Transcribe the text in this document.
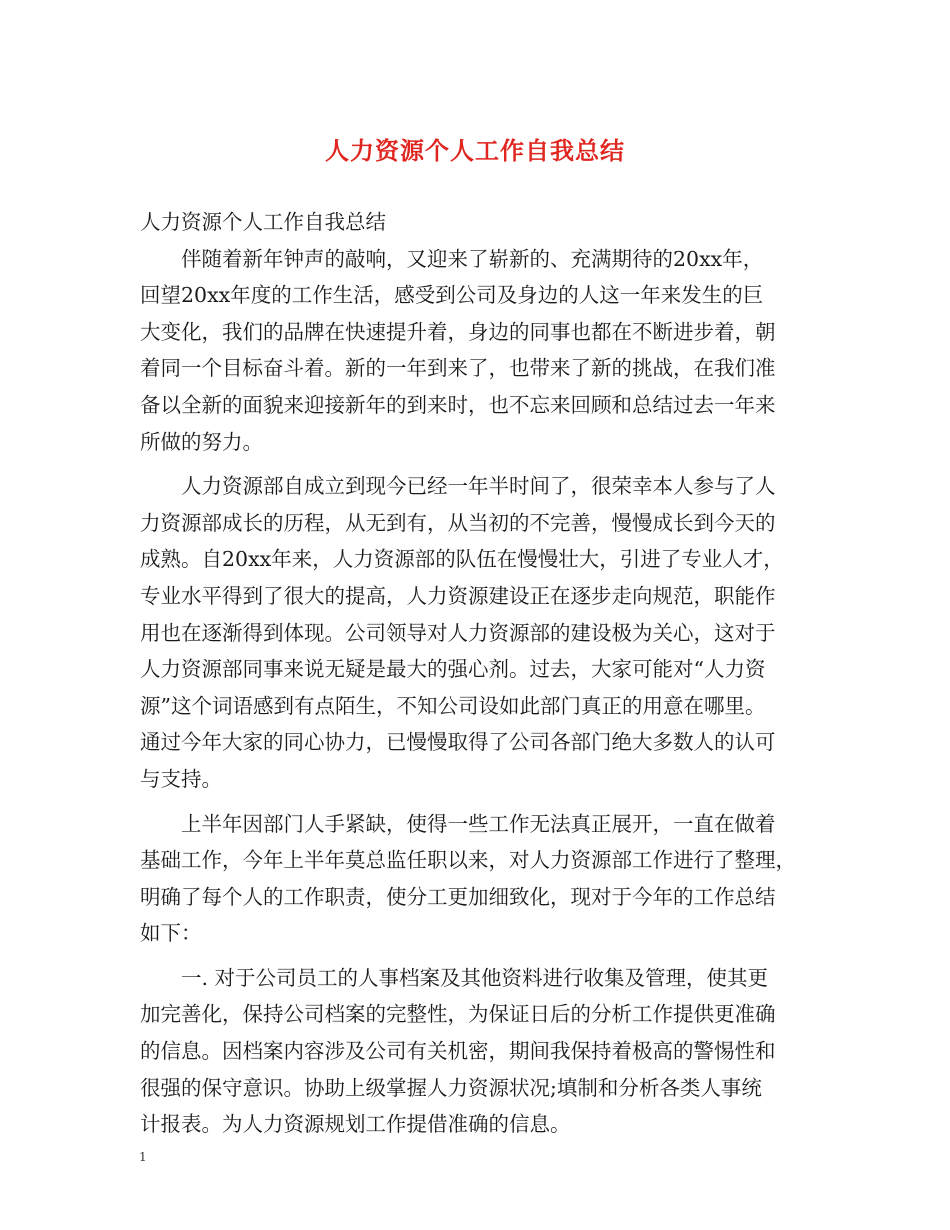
人力资源个人工作自我总结
人力资源个人工作自我总结
伴随着新年钟声的敲响，又迎来了崭新的、充满期待的20xx年，
回望20xx年度的工作生活，感受到公司及身边的人这一年来发生的巨
大变化，我们的品牌在快速提升着，身边的同事也都在不断进步着，朝
着同一个目标奋斗着。新的一年到来了，也带来了新的挑战，在我们准
备以全新的面貌来迎接新年的到来时，也不忘来回顾和总结过去一年来
所做的努力。
人力资源部自成立到现今已经一年半时间了，很荣幸本人参与了人
力资源部成长的历程，从无到有，从当初的不完善，慢慢成长到今天的
成熟。自20xx年来，人力资源部的队伍在慢慢壮大，引进了专业人才，
专业水平得到了很大的提高，人力资源建设正在逐步走向规范，职能作
用也在逐渐得到体现。公司领导对人力资源部的建设极为关心，这对于
人力资源部同事来说无疑是最大的强心剂。过去，大家可能对“人力资
源”这个词语感到有点陌生，不知公司设如此部门真正的用意在哪里。
通过今年大家的同心协力，已慢慢取得了公司各部门绝大多数人的认可
与支持。
上半年因部门人手紧缺，使得一些工作无法真正展开，一直在做着
基础工作，今年上半年莫总监任职以来，对人力资源部工作进行了整理，
明确了每个人的工作职责，使分工更加细致化，现对于今年的工作总结
如下：
一. 对于公司员工的人事档案及其他资料进行收集及管理，使其更
加完善化，保持公司档案的完整性，为保证日后的分析工作提供更准确
的信息。因档案内容涉及公司有关机密，期间我保持着极高的警惕性和
很强的保守意识。协助上级掌握人力资源状况;填制和分析各类人事统
计报表。为人力资源规划工作提借准确的信息。
1
